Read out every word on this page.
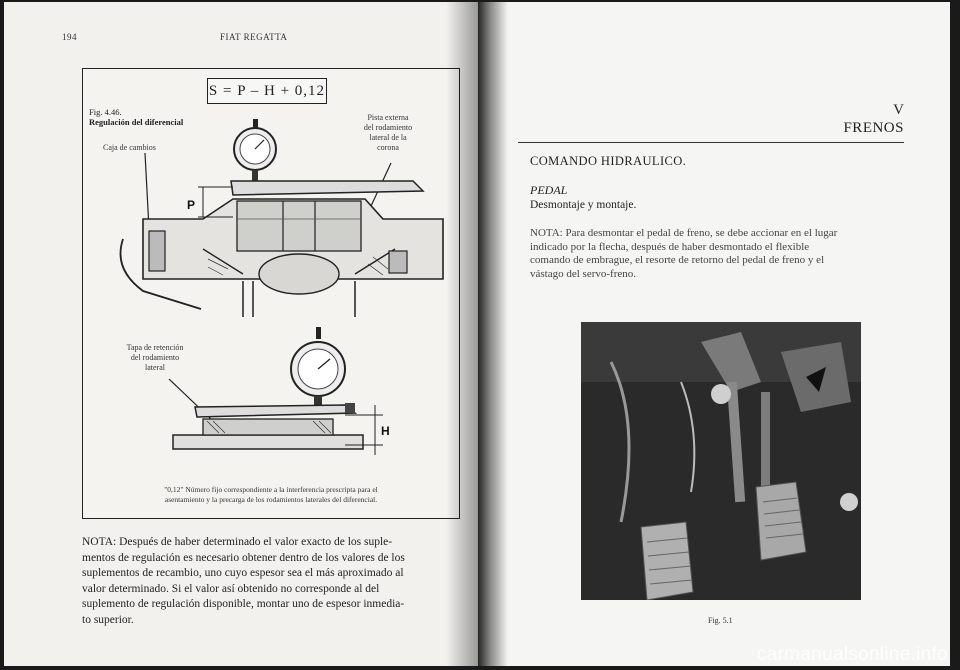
194	FIAT REGATTA
S = P – H + 0,12
Fig. 4.46.
Regulación del diferencial
Caja de cambios
Pista externa
del rodamiento
lateral de la
corona
Tapa de retención
del rodamiento
lateral
P
H
"0,12" Número fijo correspondiente a la interferencia prescripta para el
asentamiento y la precarga de los rodamientos laterales del diferencial.
NOTA: Después de haber determinado el valor exacto de los suple-
mentos de regulación es necesario obtener dentro de los valores de los
suplementos de recambio, uno cuyo espesor sea el más aproximado al
valor determinado. Si el valor así obtenido no corresponde al del
suplemento de regulación disponible, montar uno de espesor inmedia-
to superior.
V
FRENOS
COMANDO HIDRAULICO.
PEDAL
Desmontaje y montaje.
NOTA: Para desmontar el pedal de freno, se debe accionar en el lugar
indicado por la flecha, después de haber desmontado el flexible
comando de embrague, el resorte de retorno del pedal de freno y el
vástago del servo-freno.
Fig. 5.1
carmanualsonline.info
